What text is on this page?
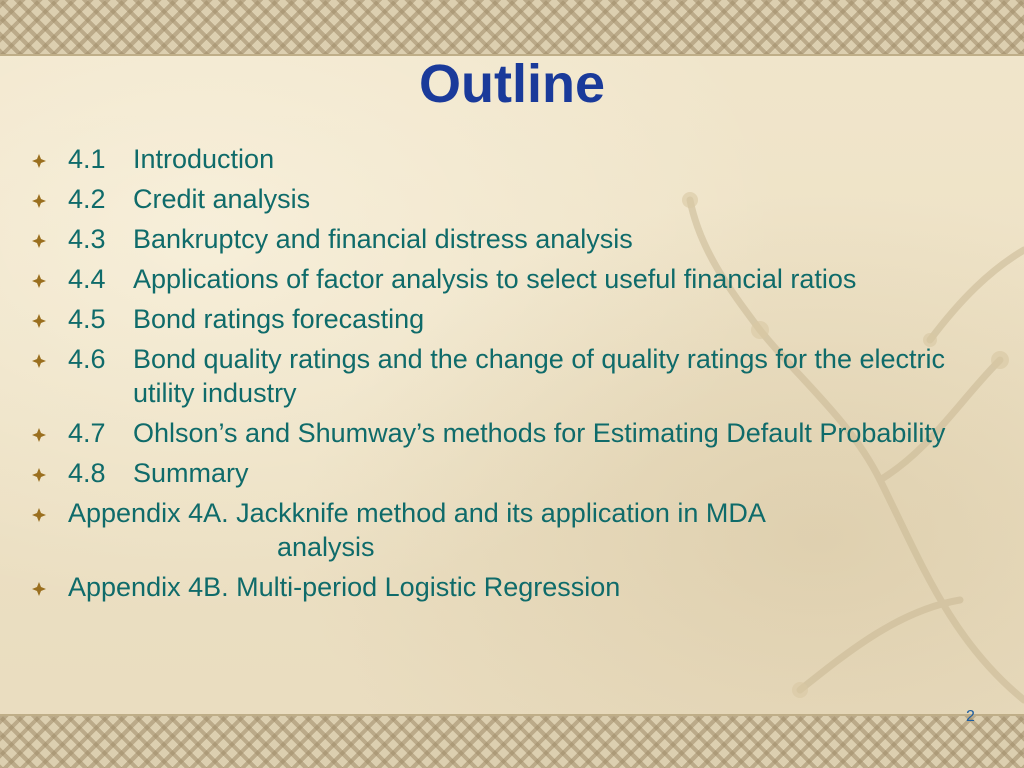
Outline
4.1	Introduction
4.2	Credit analysis
4.3	Bankruptcy and financial distress analysis
4.4	Applications of factor analysis to select useful financial ratios
4.5	Bond ratings forecasting
4.6	Bond quality ratings and the change of quality ratings for the electric utility industry
4.7	Ohlson’s and Shumway’s methods for Estimating Default Probability
4.8	Summary
Appendix 4A. Jackknife method and its application in MDA
analysis
Appendix 4B. Multi-period Logistic Regression
2
